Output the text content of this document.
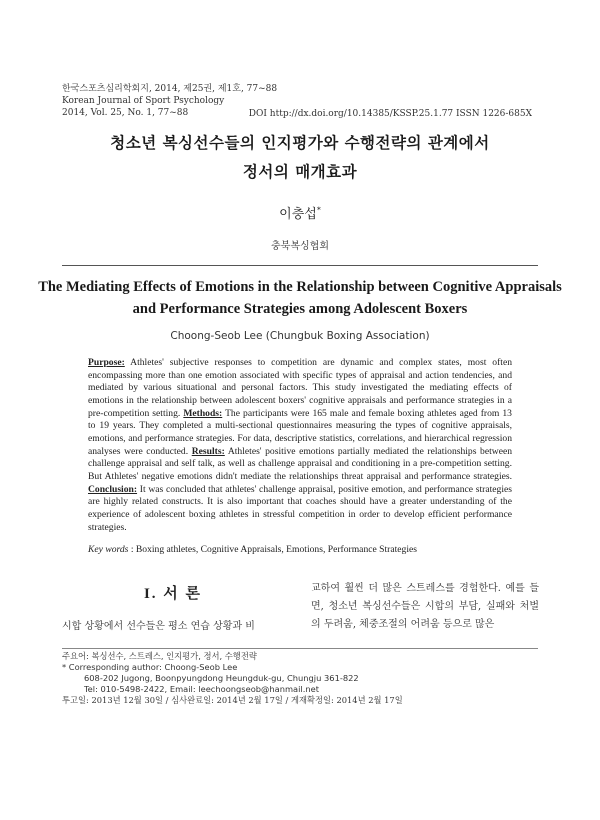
한국스포츠심리학회지, 2014, 제25권, 제1호, 77~88
Korean Journal of Sport Psychology
2014, Vol. 25, No. 1, 77~88	DOI http://dx.doi.org/10.14385/KSSP.25.1.77 ISSN 1226-685X
청소년 복싱선수들의 인지평가와 수행전략의 관계에서
정서의 매개효과
이충섭*
충북복싱협회
The Mediating Effects of Emotions in the Relationship between Cognitive Appraisals
and Performance Strategies among Adolescent Boxers
Choong-Seob Lee (Chungbuk Boxing Association)
Purpose: Athletes' subjective responses to competition are dynamic and complex states, most often encompassing more than one emotion associated with specific types of appraisal and action tendencies, and mediated by various situational and personal factors. This study investigated the mediating effects of emotions in the relationship between adolescent boxers' cognitive appraisals and performance strategies in a pre-competition setting. Methods: The participants were 165 male and female boxing athletes aged from 13 to 19 years. They completed a multi-sectional questionnaires measuring the types of cognitive appraisals, emotions, and performance strategies. For data, descriptive statistics, correlations, and hierarchical regression analyses were conducted. Results: Athletes' positive emotions partially mediated the relationships between challenge appraisal and self talk, as well as challenge appraisal and conditioning in a pre-competition setting. But Athletes' negative emotions didn't mediate the relationships threat appraisal and performance strategies. Conclusion: It was concluded that athletes' challenge appraisal, positive emotion, and performance strategies are highly related constructs. It is also important that coaches should have a greater understanding of the experience of adolescent boxing athletes in stressful competition in order to develop efficient performance strategies.
Key words : Boxing athletes, Cognitive Appraisals, Emotions, Performance Strategies
I. 서 론
시합 상황에서 선수들은 평소 연습 상황과 비
교하여 훨씬 더 많은 스트레스를 경험한다. 예를 들면, 청소년 복싱선수들은 시합의 부담, 실패와 처벌의 두려움, 체중조절의 어려움 등으로 많은
주요어: 복싱선수, 스트레스, 인지평가, 정서, 수행전략
* Corresponding author: Choong-Seob Lee
608-202 Jugong, Boonpyungdong Heungduk-gu, Chungju 361-822
Tel: 010-5498-2422, Email: leechoongseob@hanmail.net
투고일: 2013년 12월 30일 / 심사완료일: 2014년 2월 17일 / 게재확정일: 2014년 2월 17일
